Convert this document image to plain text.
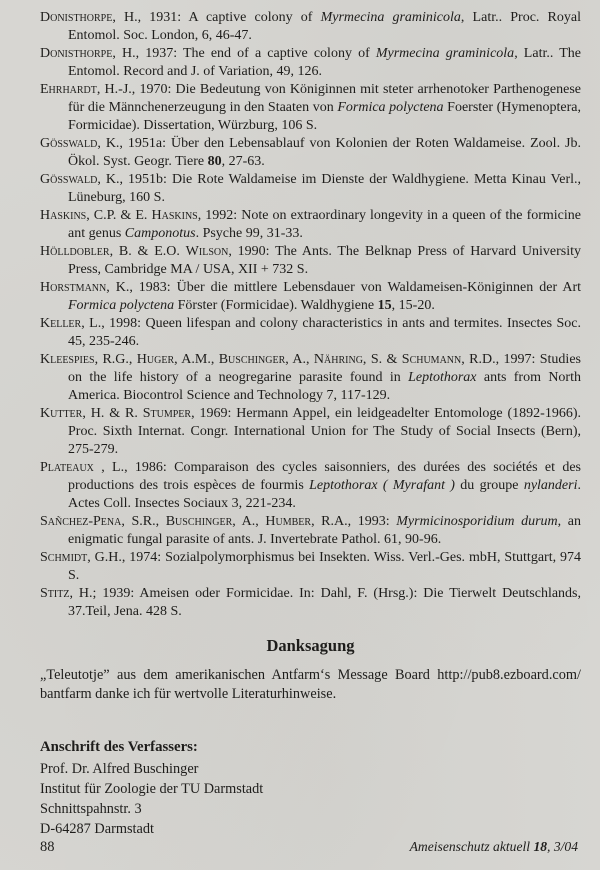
Donisthorpe, H., 1931: A captive colony of Myrmecina graminicola, Latr.. Proc. Royal Entomol. Soc. London, 6, 46-47.

Donisthorpe, H., 1937: The end of a captive colony of Myrmecina graminicola, Latr.. The Entomol. Record and J. of Variation, 49, 126.

Ehrhardt, H.-J., 1970: Die Bedeutung von Königinnen mit steter arrhenotoker Parthenogenese für die Männchenerzeugung in den Staaten von Formica polyctena Foerster (Hymenoptera, Formicidae). Dissertation, Würzburg, 106 S.

Gösswald, K., 1951a: Über den Lebensablauf von Kolonien der Roten Waldameise. Zool. Jb. Ökol. Syst. Geogr. Tiere 80, 27-63.

Gösswald, K., 1951b: Die Rote Waldameise im Dienste der Waldhygiene. Metta Kinau Verl., Lüneburg, 160 S.

Haskins, C.P. & E. Haskins, 1992: Note on extraordinary longevity in a queen of the formicine ant genus Camponotus. Psyche 99, 31-33.

Hölldobler, B. & E.O. Wilson, 1990: The Ants. The Belknap Press of Harvard University Press, Cambridge MA / USA, XII + 732 S.

Horstmann, K., 1983: Über die mittlere Lebensdauer von Waldameisen-Königinnen der Art Formica polyctena Förster (Formicidae). Waldhygiene 15, 15-20.

Keller, L., 1998: Queen lifespan and colony characteristics in ants and termites. Insectes Soc. 45, 235-246.

Kleespies, R.G., Huger, A.M., Buschinger, A., Nähring, S. & Schumann, R.D., 1997: Studies on the life history of a neogregarine parasite found in Leptothorax ants from North America. Biocontrol Science and Technology 7, 117-129.

Kutter, H. & R. Stumper, 1969: Hermann Appel, ein leidgeadelter Entomologe (1892-1966). Proc. Sixth Internat. Congr. International Union for The Study of Social Insects (Bern), 275-279.

Plateaux , L., 1986: Comparaison des cycles saisonniers, des durées des sociétés et des productions des trois espèces de fourmis Leptothorax ( Myrafant ) du groupe nylanderi. Actes Coll. Insectes Sociaux 3, 221-234.

Sañchez-Pena, S.R., Buschinger, A., Humber, R.A., 1993: Myrmicinosporidium durum, an enigmatic fungal parasite of ants. J. Invertebrate Pathol. 61, 90-96.

Schmidt, G.H., 1974: Sozialpolymorphismus bei Insekten. Wiss. Verl.-Ges. mbH, Stuttgart, 974 S.

Stitz, H.; 1939: Ameisen oder Formicidae. In: Dahl, F. (Hrsg.): Die Tierwelt Deutschlands, 37.Teil, Jena. 428 S.

Danksagung

„Teleutotje” aus dem amerikanischen Antfarm‘s Message Board http://pub8.ezboard.com/ bantfarm danke ich für wertvolle Literaturhinweise.

Anschrift des Verfassers:

Prof. Dr. Alfred Buschinger

Institut für Zoologie der TU Darmstadt

Schnittspahnstr. 3

D-64287 Darmstadt

88	Ameisenschutz aktuell 18, 3/04
